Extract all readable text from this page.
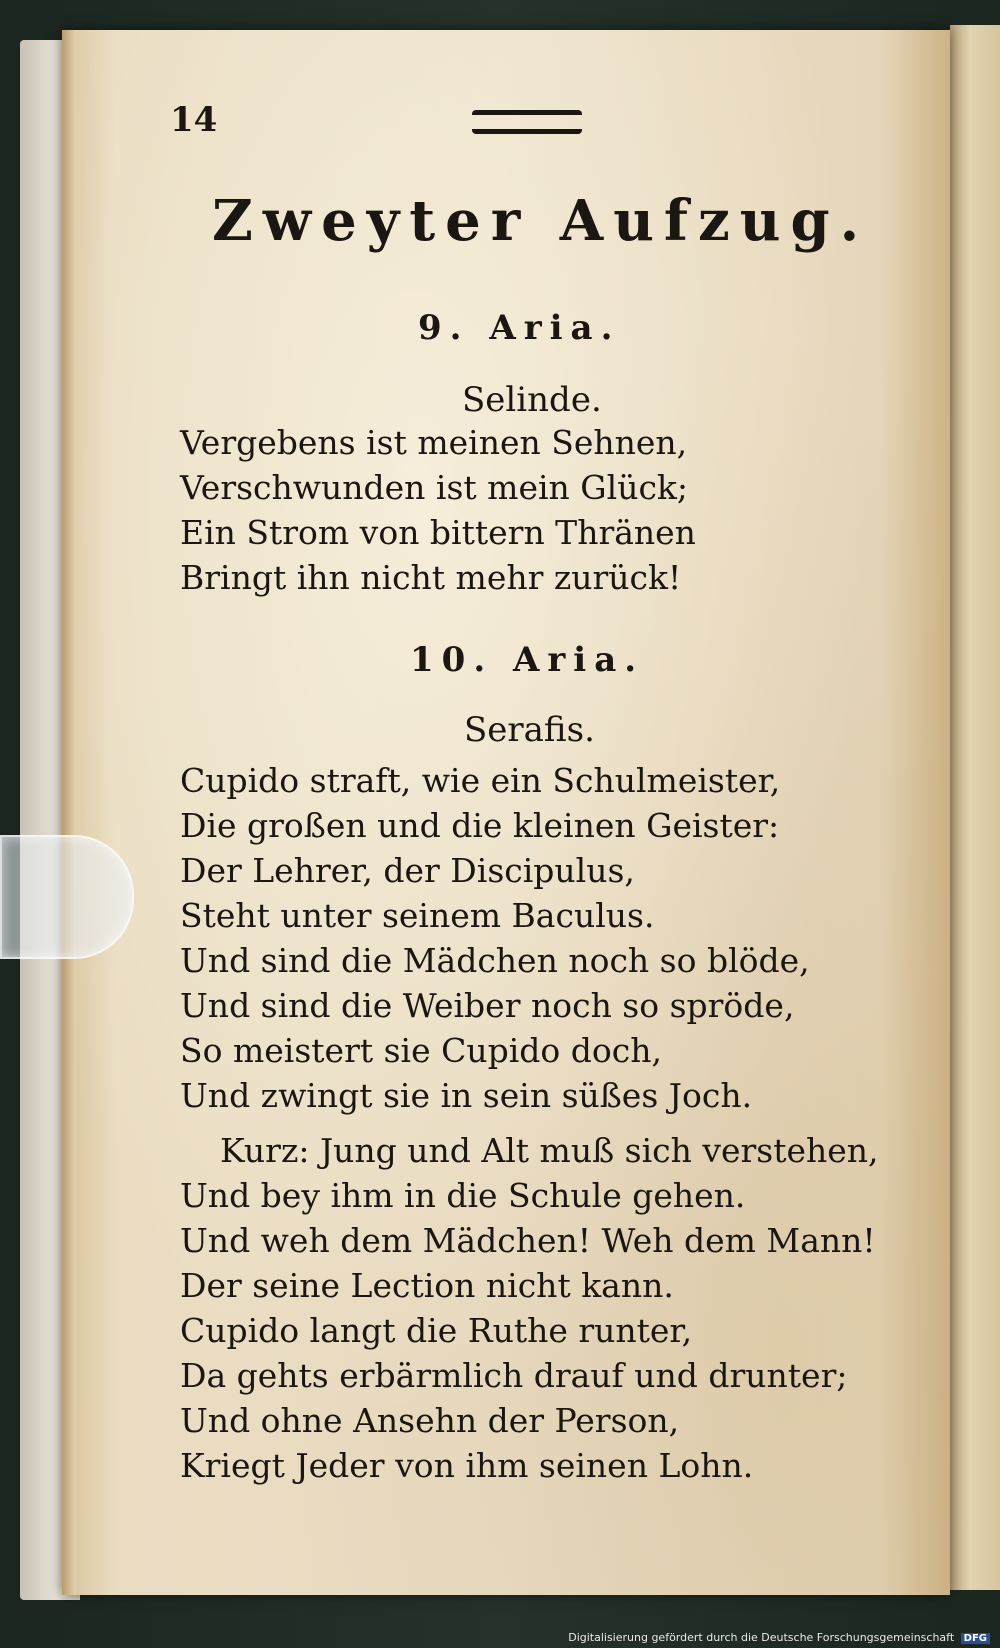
14
Zweyter Aufzug.
9. Aria.
Selinde.
Vergebens ist meinen Sehnen,
Verschwunden ist mein Glück;
Ein Strom von bittern Thränen
Bringt ihn nicht mehr zurück!
10. Aria.
Serafis.
Cupido straft, wie ein Schulmeister,
Die großen und die kleinen Geister:
Der Lehrer, der Discipulus,
Steht unter seinem Baculus.
Und sind die Mädchen noch so blöde,
Und sind die Weiber noch so spröde,
So meistert sie Cupido doch,
Und zwingt sie in sein süßes Joch.
Kurz: Jung und Alt muß sich verstehen,
Und bey ihm in die Schule gehen.
Und weh dem Mädchen! Weh dem Mann!
Der seine Lection nicht kann.
Cupido langt die Ruthe runter,
Da gehts erbärmlich drauf und drunter;
Und ohne Ansehn der Person,
Kriegt Jeder von ihm seinen Lohn.
Digitalisierung gefördert durch die Deutsche Forschungsgemeinschaft DFG
